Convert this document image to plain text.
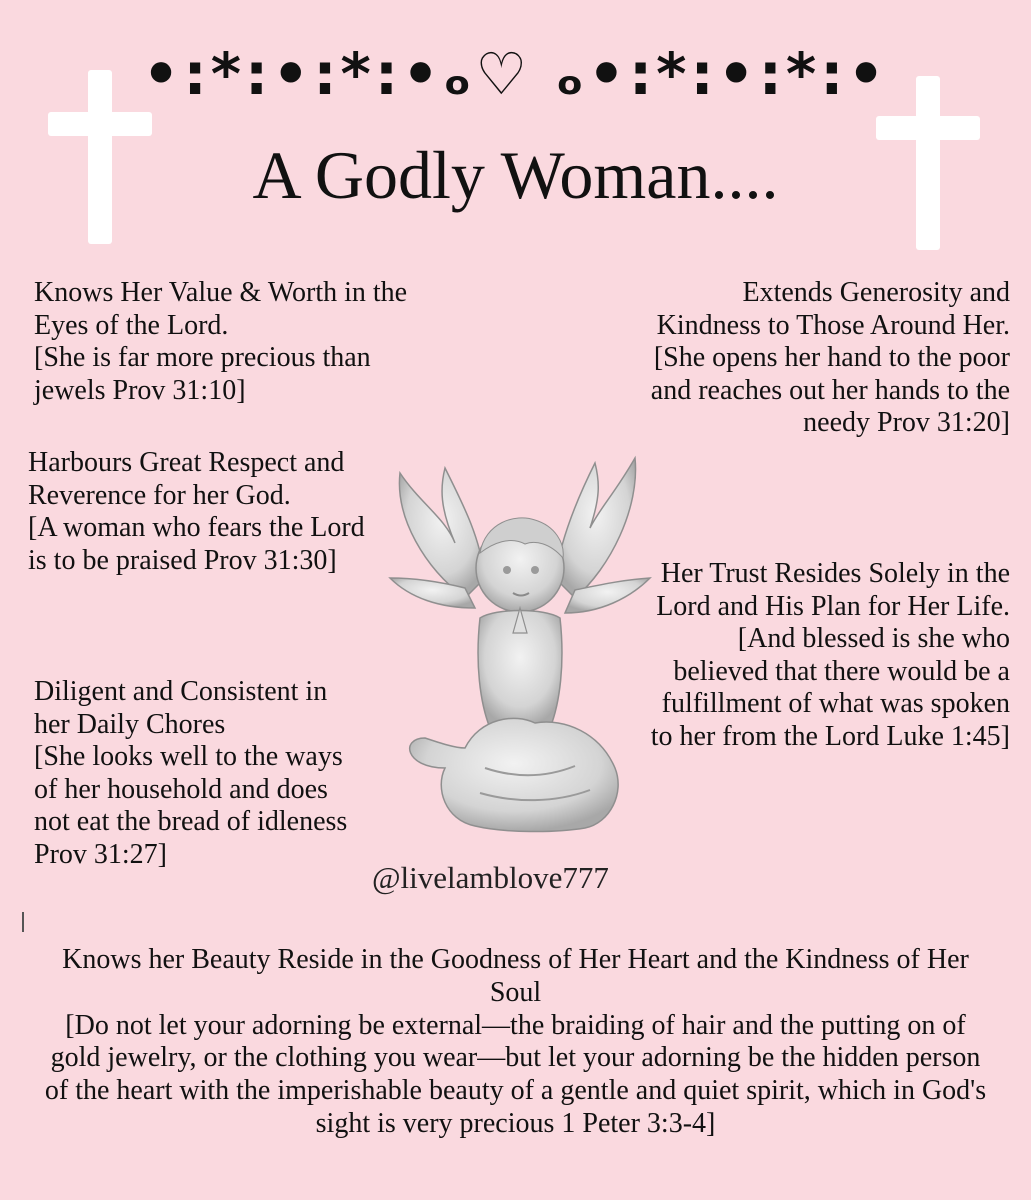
•:*:•:*:•ₒ♡ ₒ•:*:•:*:•
A Godly Woman....

Knows Her Value & Worth in the Eyes of the Lord.

[She is far more precious than jewels Prov 31:10]

Harbours Great Respect and Reverence for her God.

[A woman who fears the Lord is to be praised Prov 31:30]

Diligent and Consistent in her Daily Chores

[She looks well to the ways of her household and does not eat the bread of idleness Prov 31:27]

Extends Generosity and Kindness to Those Around Her.

[She opens her hand to the poor and reaches out her hands to the needy Prov 31:20]

Her Trust Resides Solely in the Lord and His Plan for Her Life.

[And blessed is she who believed that there would be a fulfillment of what was spoken to her from the Lord Luke 1:45]

@livelamblove777

Knows her Beauty Reside in the Goodness of Her Heart and the Kindness of Her Soul

[Do not let your adorning be external—the braiding of hair and the putting on of gold jewelry, or the clothing you wear—but let your adorning be the hidden person of the heart with the imperishable beauty of a gentle and quiet spirit, which in God's sight is very precious 1 Peter 3:3-4]
